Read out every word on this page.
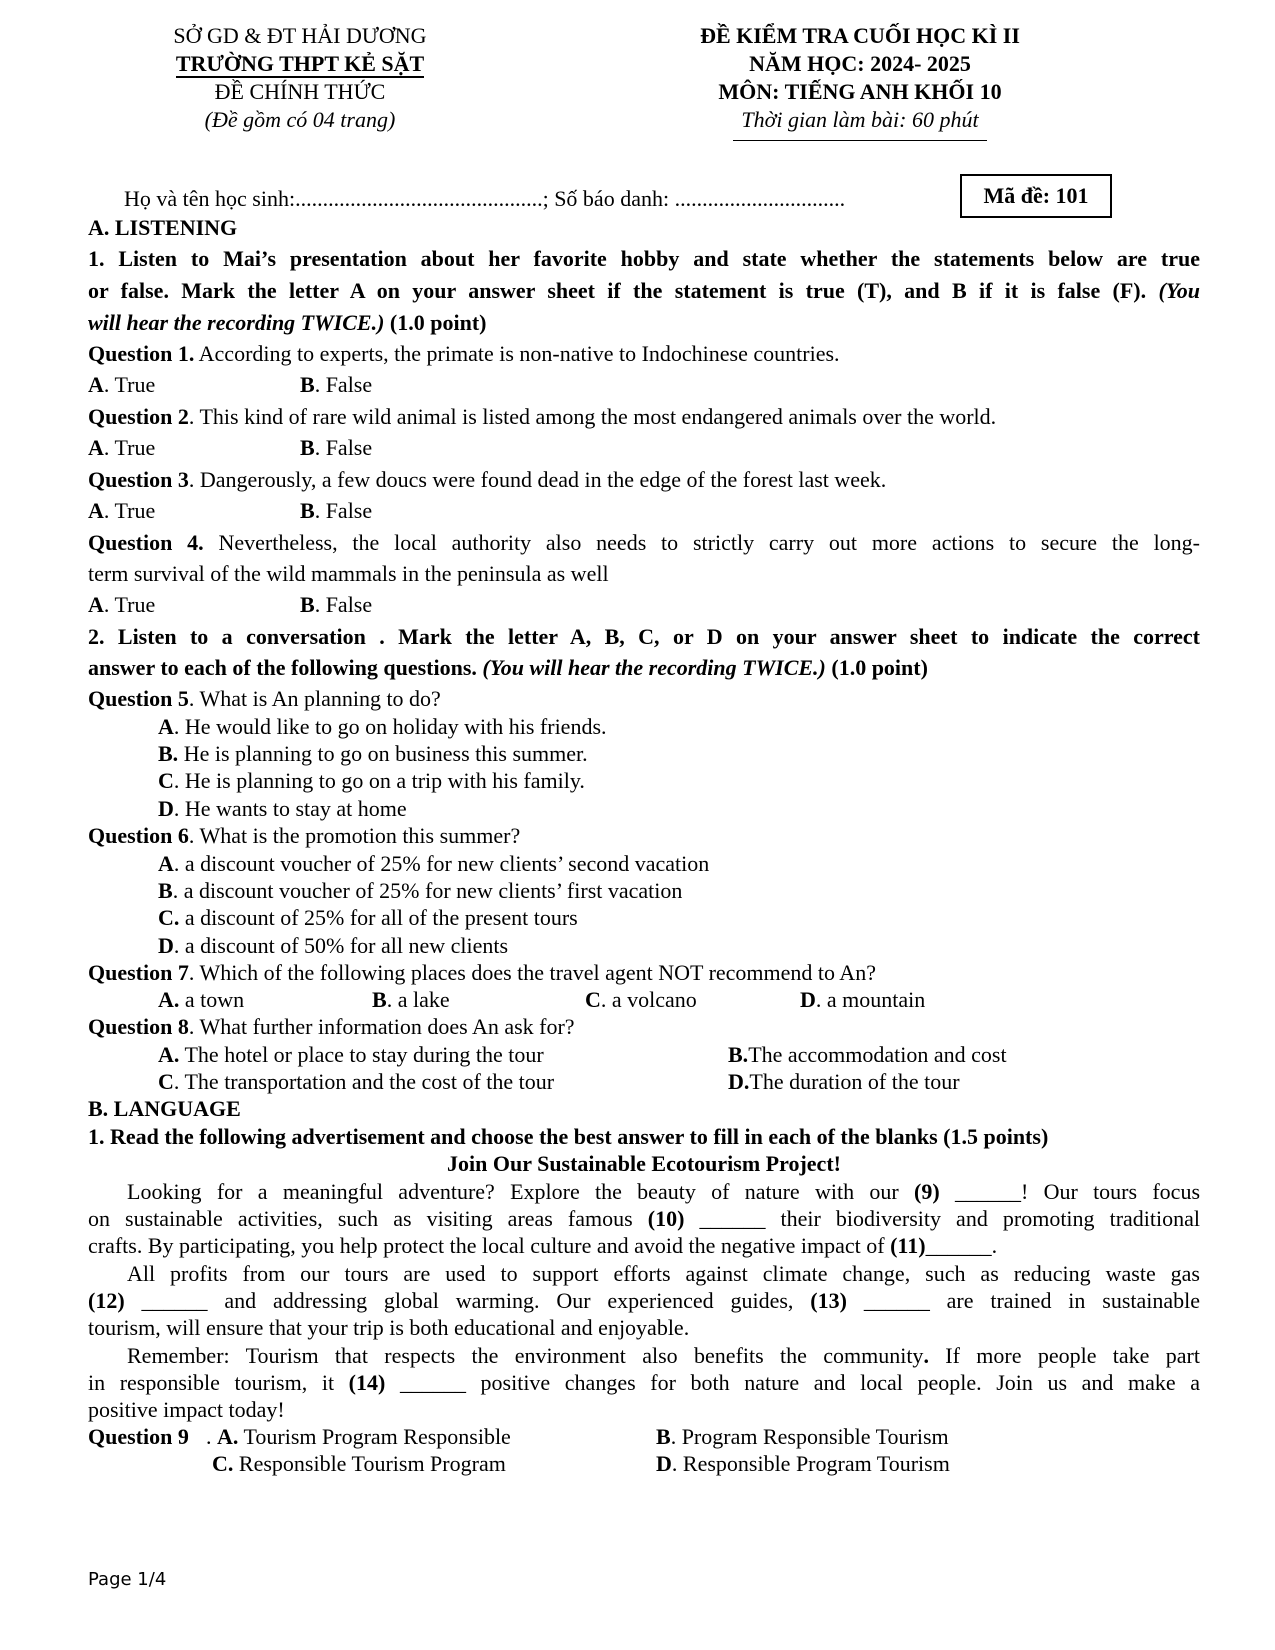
SỞ GD & ĐT HẢI DƯƠNG
TRƯỜNG THPT KẺ SẶT
ĐỀ CHÍNH THỨC
(Đề gồm có 04 trang)
ĐỀ KIỂM TRA CUỐI HỌC KÌ II
NĂM HỌC: 2024- 2025
MÔN: TIẾNG ANH KHỐI 10
Thời gian làm bài: 60 phút
Họ và tên học sinh:.............................................; Số báo danh: ...............................	Mã đề: 101
A. LISTENING
1. Listen to Mai’s presentation about her favorite hobby and state whether the statements below are true
or false. Mark the letter A on your answer sheet if the statement is true (T), and B if it is false (F). (You
will hear the recording TWICE.) (1.0 point)
Question 1. According to experts, the primate is non-native to Indochinese countries.
A. True	B. False
Question 2. This kind of rare wild animal is listed among the most endangered animals over the world.
A. True	B. False
Question 3. Dangerously, a few doucs were found dead in the edge of the forest last week.
A. True	B. False
Question 4. Nevertheless, the local authority also needs to strictly carry out more actions to secure the long-
term survival of the wild mammals in the peninsula as well
A. True	B. False
2. Listen to a conversation . Mark the letter A, B, C, or D on your answer sheet to indicate the correct
answer to each of the following questions. (You will hear the recording TWICE.) (1.0 point)
Question 5. What is An planning to do?
A. He would like to go on holiday with his friends.
B. He is planning to go on business this summer.
C. He is planning to go on a trip with his family.
D. He wants to stay at home
Question 6. What is the promotion this summer?
A. a discount voucher of 25% for new clients’ second vacation
B. a discount voucher of 25% for new clients’ first vacation
C. a discount of 25% for all of the present tours
D. a discount of 50% for all new clients
Question 7. Which of the following places does the travel agent NOT recommend to An?
A. a town	B. a lake	C. a volcano	D. a mountain
Question 8. What further information does An ask for?
A. The hotel or place to stay during the tour	B.The accommodation and cost
C. The transportation and the cost of the tour	D.The duration of the tour
B. LANGUAGE
1. Read the following advertisement and choose the best answer to fill in each of the blanks (1.5 points)
Join Our Sustainable Ecotourism Project!
Looking for a meaningful adventure? Explore the beauty of nature with our (9) ______! Our tours focus
on sustainable activities, such as visiting areas famous (10) ______ their biodiversity and promoting traditional
crafts. By participating, you help protect the local culture and avoid the negative impact of (11)______.
All profits from our tours are used to support efforts against climate change, such as reducing waste gas
(12) ______ and addressing global warming. Our experienced guides, (13) ______ are trained in sustainable
tourism, will ensure that your trip is both educational and enjoyable.
Remember: Tourism that respects the environment also benefits the community. If more people take part
in responsible tourism, it (14) ______ positive changes for both nature and local people. Join us and make a
positive impact today!
Question 9 . A. Tourism Program Responsible	B. Program Responsible Tourism
C. Responsible Tourism Program	D. Responsible Program Tourism
Page 1/4
